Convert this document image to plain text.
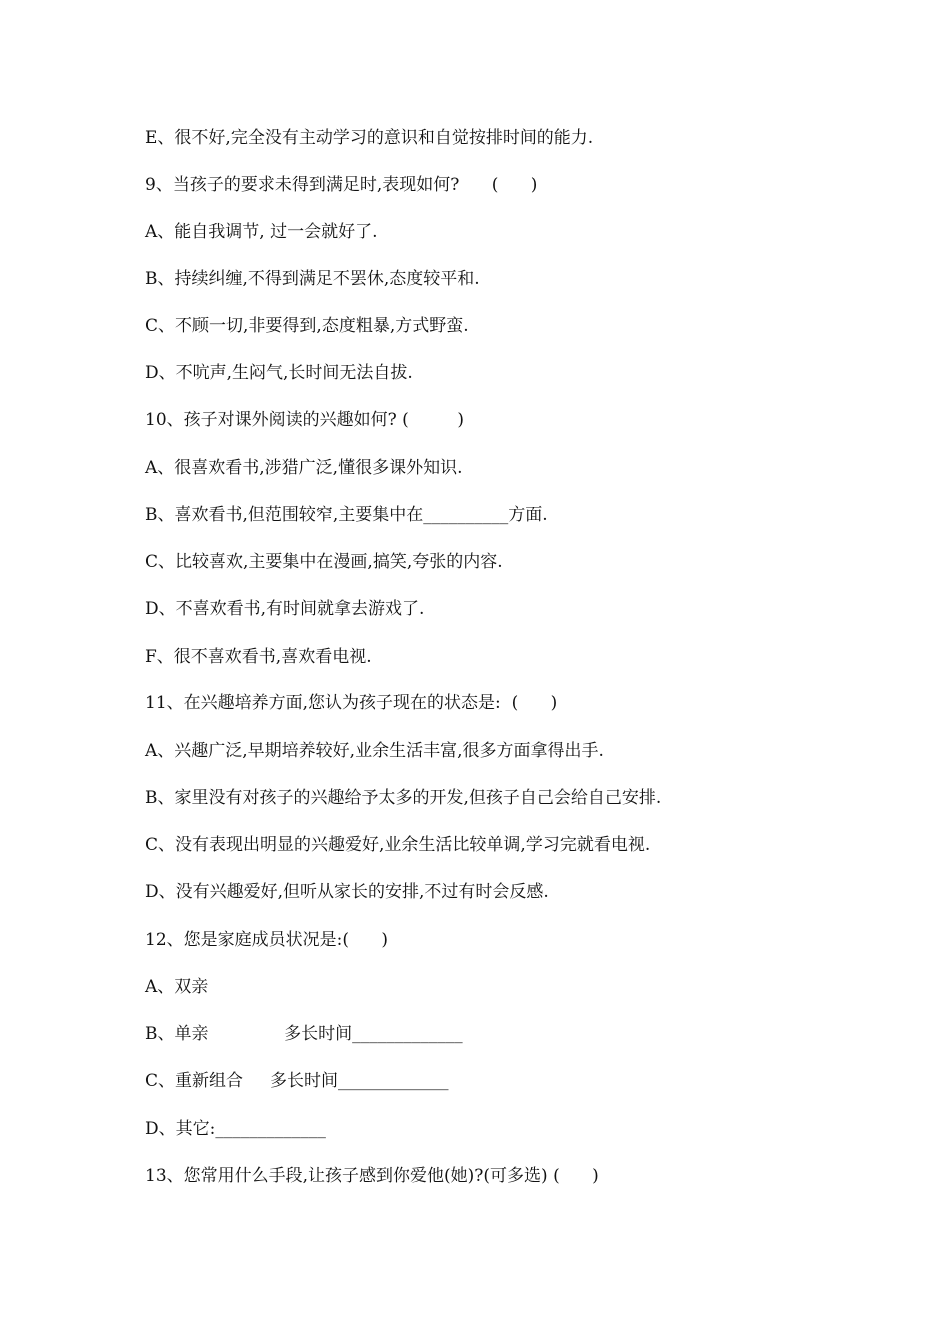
E、很不好,完全没有主动学习的意识和自觉按排时间的能力.
9、当孩子的要求未得到满足时,表现如何?      (      )
A、能自我调节, 过一会就好了.
B、持续纠缠,不得到满足不罢休,态度较平和.
C、不顾一切,非要得到,态度粗暴,方式野蛮.
D、不吭声,生闷气,长时间无法自拔.
10、孩子对课外阅读的兴趣如何? (         )
A、很喜欢看书,涉猎广泛,懂很多课外知识.
B、喜欢看书,但范围较窄,主要集中在__________方面.
C、比较喜欢,主要集中在漫画,搞笑,夸张的内容.
D、不喜欢看书,有时间就拿去游戏了.
F、很不喜欢看书,喜欢看电视.
11、在兴趣培养方面,您认为孩子现在的状态是:  (      )
A、兴趣广泛,早期培养较好,业余生活丰富,很多方面拿得出手.
B、家里没有对孩子的兴趣给予太多的开发,但孩子自己会给自己安排.
C、没有表现出明显的兴趣爱好,业余生活比较单调,学习完就看电视.
D、没有兴趣爱好,但听从家长的安排,不过有时会反感.
12、您是家庭成员状况是:(      )
A、双亲
B、单亲              多长时间_____________
C、重新组合     多长时间_____________
D、其它:_____________
13、您常用什么手段,让孩子感到你爱他(她)?(可多选) (      )
